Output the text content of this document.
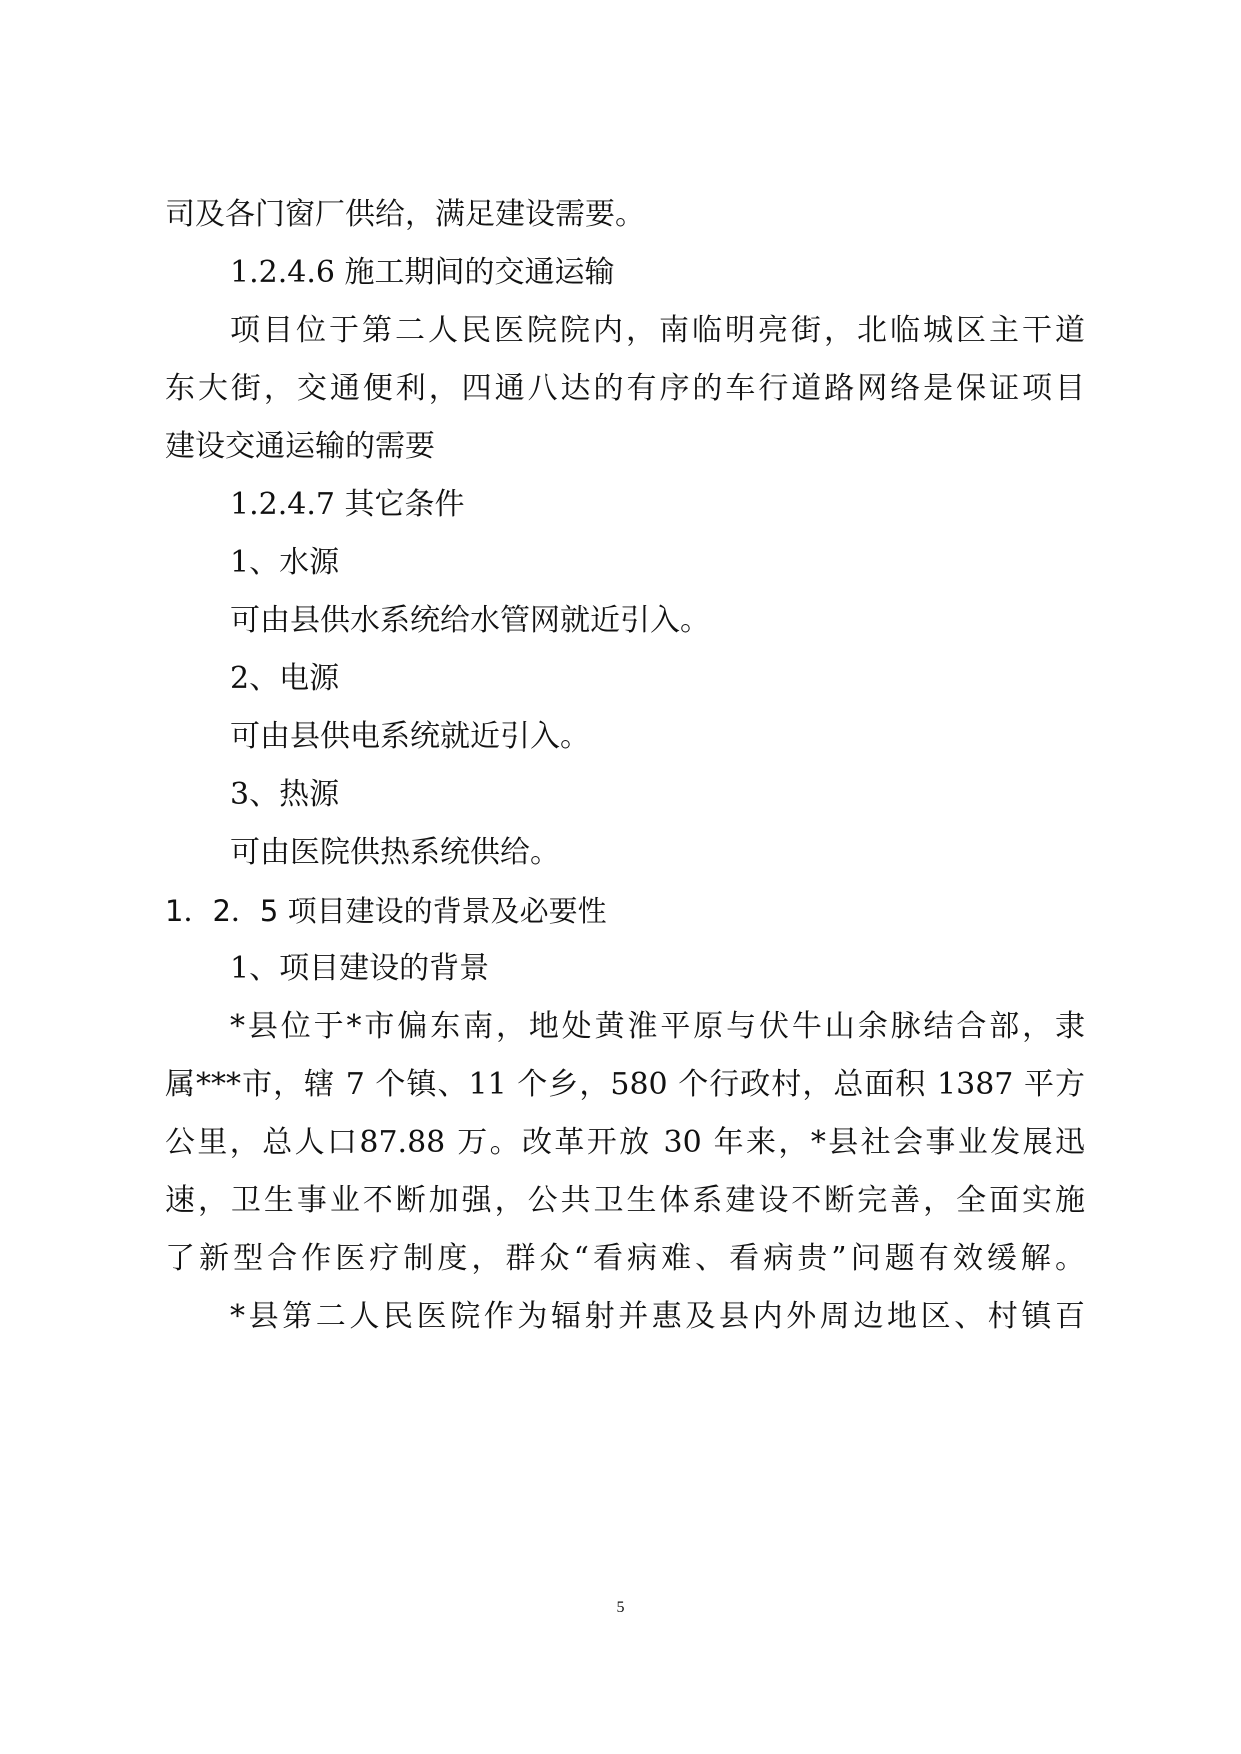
司及各门窗厂供给，满足建设需要。
1.2.4.6 施工期间的交通运输
项目位于第二人民医院院内，南临明亮街，北临城区主干道
东大街，交通便利，四通八达的有序的车行道路网络是保证项目
建设交通运输的需要
1.2.4.7 其它条件
1、水源
可由县供水系统给水管网就近引入。
2、电源
可由县供电系统就近引入。
3、热源
可由医院供热系统供给。
1．2．5 项目建设的背景及必要性
1、项目建设的背景
*县位于*市偏东南，地处黄淮平原与伏牛山余脉结合部，隶
属***市，辖 7 个镇、11 个乡，580 个行政村，总面积 1387 平方
公里，总人口87.88 万。改革开放 30 年来，*县社会事业发展迅
速，卫生事业不断加强，公共卫生体系建设不断完善，全面实施
了新型合作医疗制度，群众“看病难、看病贵”问题有效缓解。
*县第二人民医院作为辐射并惠及县内外周边地区、村镇百
5
